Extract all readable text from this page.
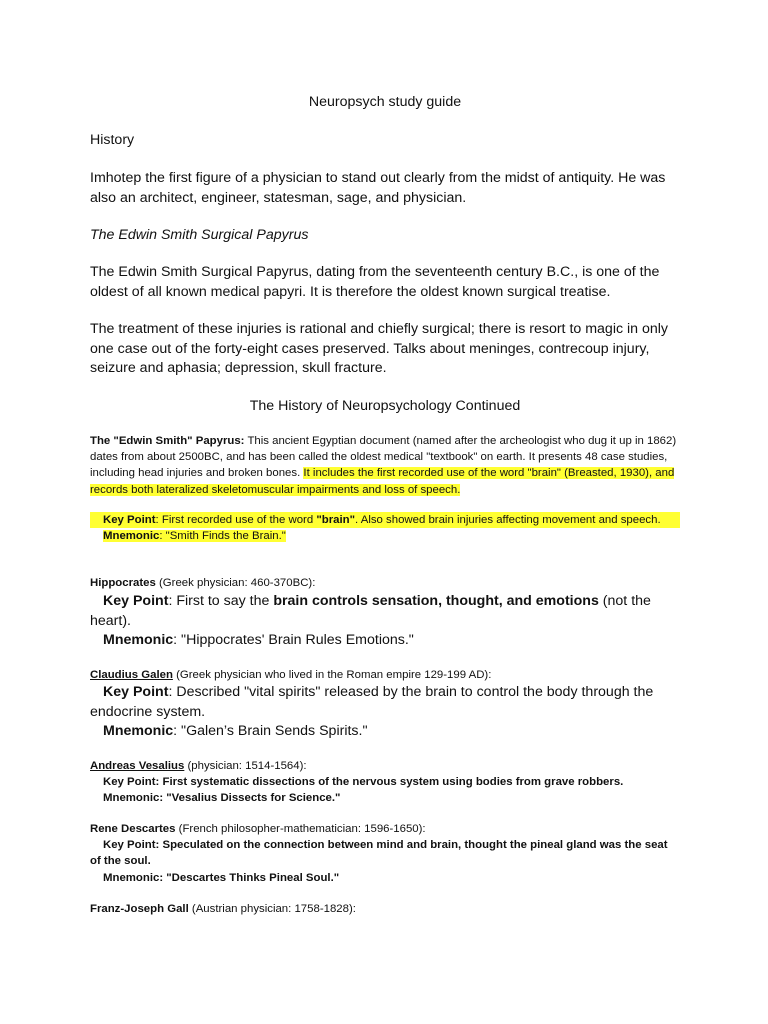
Neuropsych study guide

History

Imhotep the first figure of a physician to stand out clearly from the midst of antiquity. He was also an architect, engineer, statesman, sage, and physician.

The Edwin Smith Surgical Papyrus

The Edwin Smith Surgical Papyrus, dating from the seventeenth century B.C., is one of the oldest of all known medical papyri. It is therefore the oldest known surgical treatise.

The treatment of these injuries is rational and chiefly surgical; there is resort to magic in only one case out of the forty-eight cases preserved. Talks about meninges, contrecoup injury, seizure and aphasia; depression, skull fracture.

The History of Neuropsychology Continued

The "Edwin Smith" Papyrus: This ancient Egyptian document (named after the archeologist who dug it up in 1862) dates from about 2500BC, and has been called the oldest medical "textbook" on earth. It presents 48 case studies, including head injuries and broken bones. It includes the first recorded use of the word "brain" (Breasted, 1930), and records both lateralized skeletomuscular impairments and loss of speech.

Key Point: First recorded use of the word "brain". Also showed brain injuries affecting movement and speech.
Mnemonic: "Smith Finds the Brain."

Hippocrates (Greek physician: 460-370BC):

Key Point: First to say the brain controls sensation, thought, and emotions (not the heart).
Mnemonic: "Hippocrates' Brain Rules Emotions."

Claudius Galen (Greek physician who lived in the Roman empire 129-199 AD):

Key Point: Described "vital spirits" released by the brain to control the body through the endocrine system.
Mnemonic: "Galen’s Brain Sends Spirits."
Andreas Vesalius (physician: 1514-1564):
Key Point: First systematic dissections of the nervous system using bodies from grave robbers.
Mnemonic: "Vesalius Dissects for Science."
Rene Descartes (French philosopher-mathematician: 1596-1650):
Key Point: Speculated on the connection between mind and brain, thought the pineal gland was the seat of the soul.
Mnemonic: "Descartes Thinks Pineal Soul."

Franz-Joseph Gall (Austrian physician: 1758-1828):
